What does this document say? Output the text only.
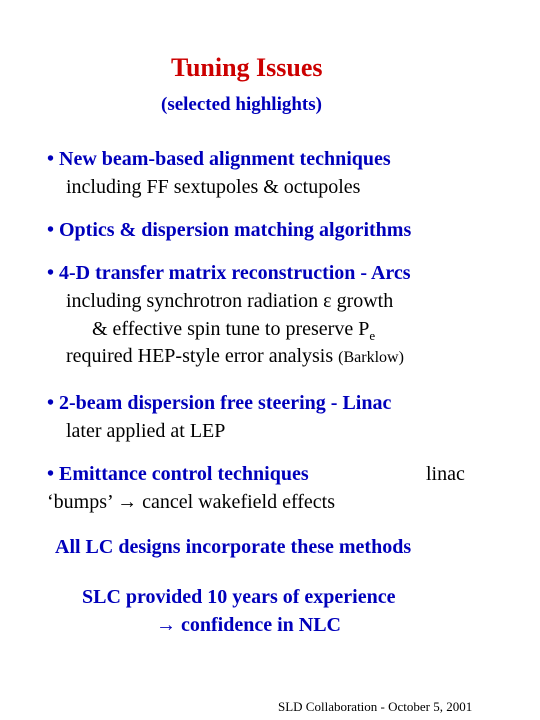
Tuning Issues
(selected highlights)
• New beam-based alignment techniques
including FF sextupoles & octupoles
• Optics & dispersion matching algorithms
• 4-D transfer matrix reconstruction - Arcs
including synchrotron radiation ε growth
& effective spin tune to preserve $P_e$
required HEP-style error analysis (Barklow)
• 2-beam dispersion free steering - Linac
later applied at LEP
• Emittance control techniques	linac
‘bumps’ → cancel wakefield effects
All LC designs incorporate these methods
SLC provided 10 years of experience
→ confidence in NLC
SLD Collaboration - October 5, 2001
